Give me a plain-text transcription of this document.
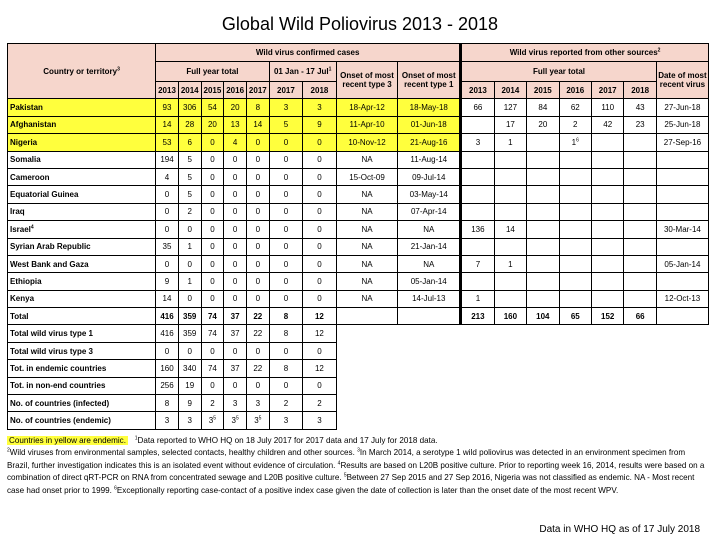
Global Wild Poliovirus 2013 - 2018
Country or territory$^3$	Wild virus confirmed cases									Wild virus reported from other sources$^2$
	Full year total					01 Jan - 17 Jul$^1$		Onset of most recent type 3	Onset of most recent type 1	Full year total						Date of most recent virus
	2013	2014	2015	2016	2017	2017	2018			2013	2014	2015	2016	2017	2018	
Pakistan	93	306	54	20	8	3	3	18-Apr-12	18-May-18	66	127	84	62	110	43	27-Jun-18
Afghanistan	14	28	20	13	14	5	9	11-Apr-10	01-Jun-18		17	20	2	42	23	25-Jun-18
Nigeria	53	6	0	4	0	0	0	10-Nov-12	21-Aug-16	3	1		$1^6$			27-Sep-16
Somalia	194	5	0	0	0	0	0	NA	11-Aug-14							
Cameroon	4	5	0	0	0	0	0	15-Oct-09	09-Jul-14							
Equatorial Guinea	0	5	0	0	0	0	0	NA	03-May-14							
Iraq	0	2	0	0	0	0	0	NA	07-Apr-14							
Israel$^4$	0	0	0	0	0	0	0	NA	NA	136	14					30-Mar-14
Syrian Arab Republic	35	1	0	0	0	0	0	NA	21-Jan-14							
West Bank and Gaza	0	0	0	0	0	0	0	NA	NA	7	1					05-Jan-14
Ethiopia	9	1	0	0	0	0	0	NA	05-Jan-14							
Kenya	14	0	0	0	0	0	0	NA	14-Jul-13	1						12-Oct-13
Total	416	359	74	37	22	8	12			213	160	104	65	152	66	
Total wild virus type 1	416	359	74	37	22	8	12									
Total wild virus type 3	0	0	0	0	0	0	0									
Tot. in endemic countries	160	340	74	37	22	8	12									
Tot. in non-end countries	256	19	0	0	0	0	0									
No. of countries (infected)	8	9	2	3	3	2	2									
No. of countries (endemic)	3	3	$3^5$	$3^5$	$3^5$	3	3									
Countries in yellow are endemic. $^1$Data reported to WHO HQ on 18 July 2017 for 2017 data and 17 July for 2018 data.
$^2$Wild viruses from environmental samples, selected contacts, healthy children and other sources. $^3$In March 2014, a serotype 1 wild poliovirus was detected in an environment specimen from Brazil, further investigation indicates this is an isolated event without evidence of circulation. $^4$Results are based on L20B positive culture. Prior to reporting week 16, 2014, results were based on a combination of direct qRT-PCR on RNA from concentrated sewage and L20B positive culture. $^5$Between 27 Sep 2015 and 27 Sep 2016, Nigeria was not classified as endemic. NA - Most recent case had onset prior to 1999. $^6$Exceptionally reporting case-contact of a positive index case given the date of collection is later than the onset date of the most recent WPV.
Data in WHO HQ as of 17 July 2018
